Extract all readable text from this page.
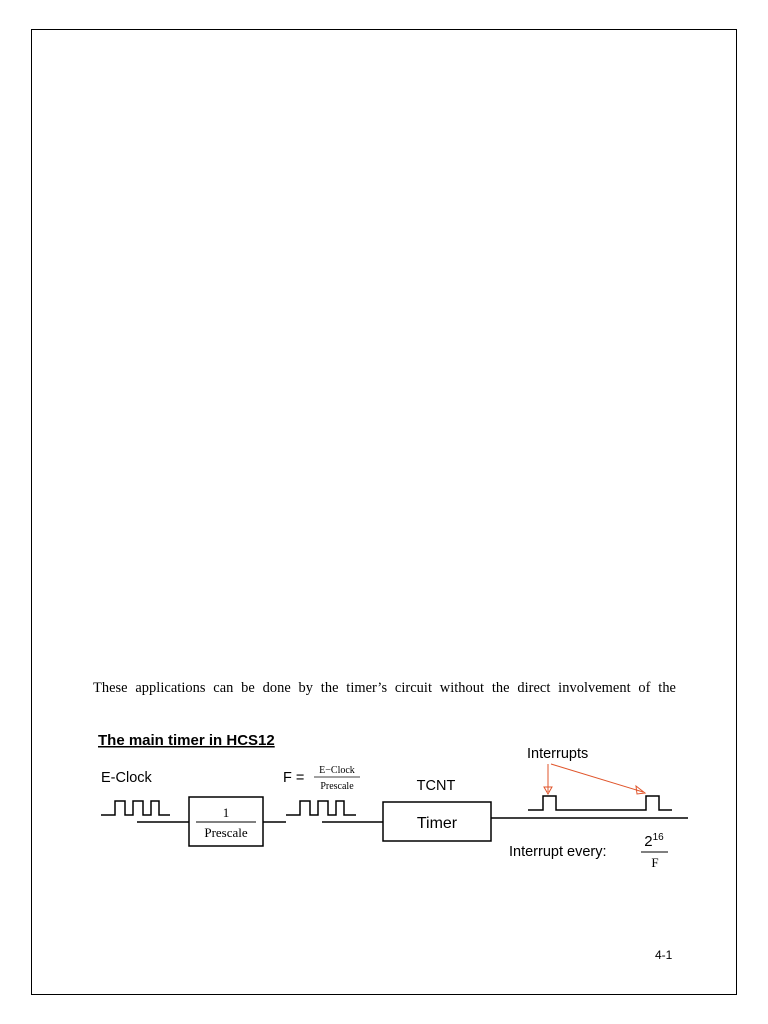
These applications can be done by the timer’s circuit without the direct involvement of the
The main timer in HCS12
E-Clock
1
Prescale
F = E−Clock
Prescale	TCNT
Timer
Interrupts
Interrupt every:
$2^{16}$
F
4-1
